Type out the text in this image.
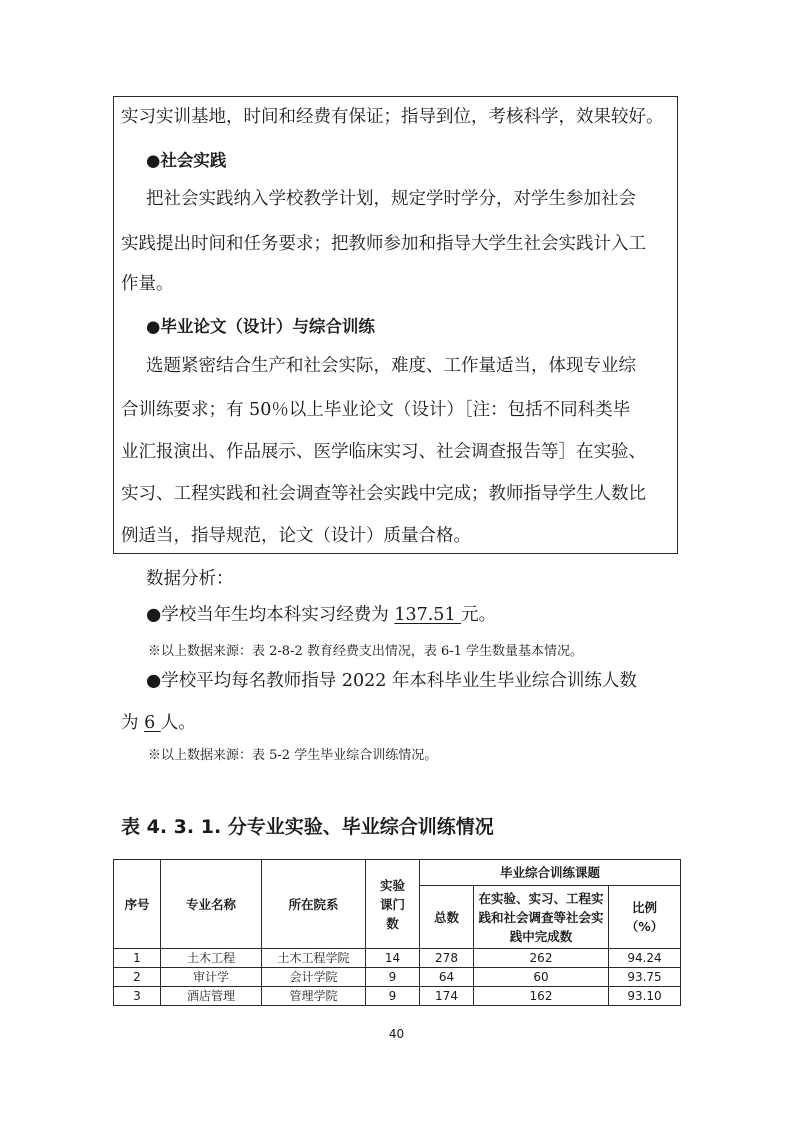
实习实训基地，时间和经费有保证；指导到位，考核科学，效果较好。
●社会实践
把社会实践纳入学校教学计划，规定学时学分，对学生参加社会
实践提出时间和任务要求；把教师参加和指导大学生社会实践计入工
作量。
●毕业论文（设计）与综合训练
选题紧密结合生产和社会实际，难度、工作量适当，体现专业综
合训练要求；有 50％以上毕业论文（设计）［注：包括不同科类毕
业汇报演出、作品展示、医学临床实习、社会调查报告等］在实验、
实习、工程实践和社会调查等社会实践中完成；教师指导学生人数比
例适当，指导规范，论文（设计）质量合格。
数据分析：
●学校当年生均本科实习经费为 137.51 元。
※以上数据来源：表 2-8-2 教育经费支出情况，表 6-1 学生数量基本情况。
●学校平均每名教师指导 2022 年本科毕业生毕业综合训练人数
为 6 人。
※以上数据来源：表 5-2 学生毕业综合训练情况。
表 4. 3. 1. 分专业实验、毕业综合训练情况
序号	专业名称	所在院系	实验课门数	毕业综合训练课题		
				总数	在实验、实习、工程实践和社会调查等社会实践中完成数	比例（%）
1	土木工程	土木工程学院	14	278	262	94.24
2	审计学	会计学院	9	64	60	93.75
3	酒店管理	管理学院	9	174	162	93.10
40
